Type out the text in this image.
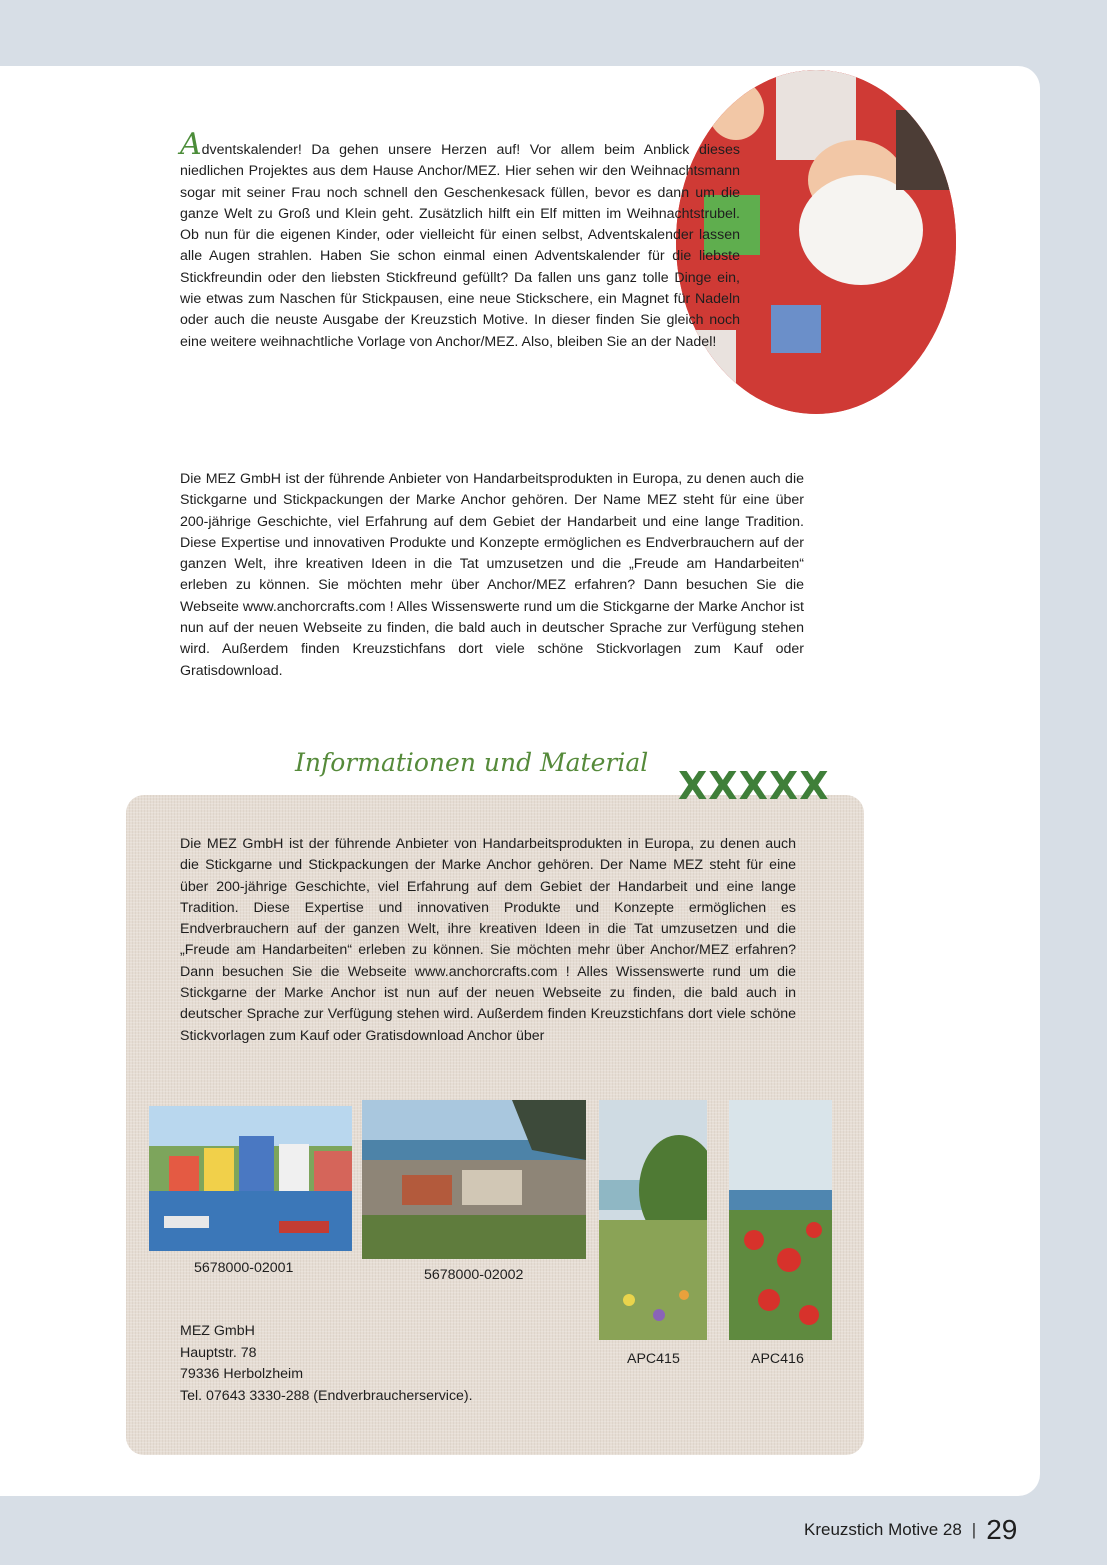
Adventskalender! Da gehen unsere Herzen auf! Vor allem beim Anblick dieses niedlichen Projektes aus dem Hause Anchor/MEZ. Hier sehen wir den Weihnachtsmann sogar mit seiner Frau noch schnell den Geschenkesack füllen, bevor es dann um die ganze Welt zu Groß und Klein geht. Zusätzlich hilft ein Elf mitten im Weihnachtstrubel. Ob nun für die eigenen Kinder, oder vielleicht für einen selbst, Adventskalender lassen alle Augen strahlen. Haben Sie schon einmal einen Adventskalender für die liebste Stickfreundin oder den liebsten Stickfreund gefüllt? Da fallen uns ganz tolle Dinge ein, wie etwas zum Naschen für Stickpausen, eine neue Stickschere, ein Magnet für Nadeln oder auch die neuste Ausgabe der Kreuzstich Motive. In dieser finden Sie gleich noch eine weitere weihnachtliche Vorlage von Anchor/MEZ. Also, bleiben Sie an der Nadel!

Die MEZ GmbH ist der führende Anbieter von Handarbeitsprodukten in Europa, zu denen auch die Stickgarne und Stickpackungen der Marke Anchor gehören. Der Name MEZ steht für eine über 200-jährige Geschichte, viel Erfahrung auf dem Gebiet der Handarbeit und eine lange Tradition. Diese Expertise und innovativen Produkte und Konzepte ermöglichen es Endverbrauchern auf der ganzen Welt, ihre kreativen Ideen in die Tat umzusetzen und die „Freude am Handarbeiten“ erleben zu können. Sie möchten mehr über Anchor/MEZ erfahren? Dann besuchen Sie die Webseite www.anchorcrafts.com ! Alles Wissenswerte rund um die Stickgarne der Marke Anchor ist nun auf der neuen Webseite zu finden, die bald auch in deutscher Sprache zur Verfügung stehen wird. Außerdem finden Kreuzstichfans dort viele schöne Stickvorlagen zum Kauf oder Gratisdownload.

Informationen und Material
XXXXX

Die MEZ GmbH ist der führende Anbieter von Handarbeitsprodukten in Europa, zu denen auch die Stickgarne und Stickpackungen der Marke Anchor gehören. Der Name MEZ steht für eine über 200-jährige Geschichte, viel Erfahrung auf dem Gebiet der Handarbeit und eine lange Tradition. Diese Expertise und innovativen Produkte und Konzepte ermöglichen es Endverbrauchern auf der ganzen Welt, ihre kreativen Ideen in die Tat umzusetzen und die „Freude am Handarbeiten“ erleben zu können. Sie möchten mehr über Anchor/MEZ erfahren? Dann besuchen Sie die Webseite www.anchorcrafts.com ! Alles Wissenswerte rund um die Stickgarne der Marke Anchor ist nun auf der neuen Webseite zu finden, die bald auch in deutscher Sprache zur Verfügung stehen wird. Außerdem finden Kreuzstichfans dort viele schöne Stickvorlagen zum Kauf oder Gratisdownload Anchor über

5678000-02001	5678000-02002
APC415	APC416
MEZ GmbH
Hauptstr. 78
79336 Herbolzheim
Tel. 07643 3330-288 (Endverbraucherservice).
Kreuzstich Motive 28 | 29
